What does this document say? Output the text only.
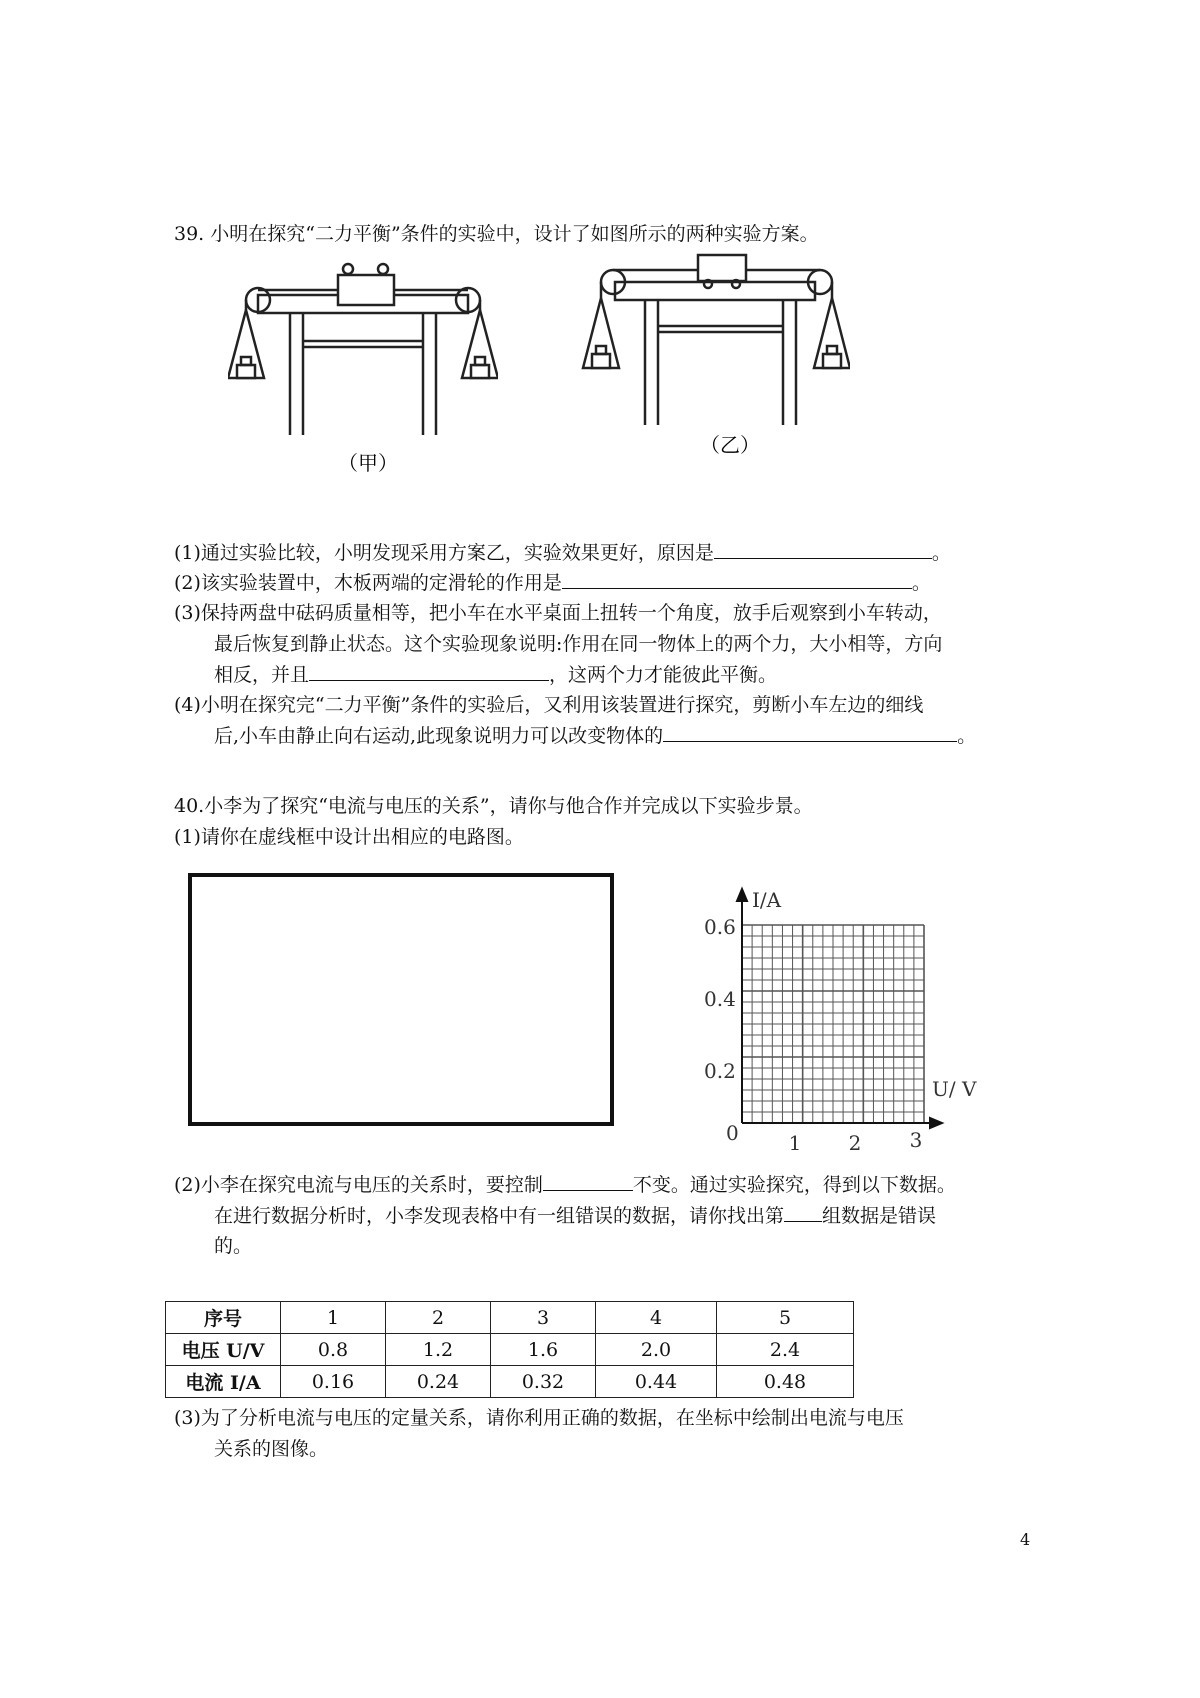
39. 小明在探究“二力平衡”条件的实验中，设计了如图所示的两种实验方案。
（甲）
（乙）
(1)通过实验比较，小明发现采用方案乙，实验效果更好，原因是	。
(2)该实验装置中，木板两端的定滑轮的作用是	。
(3)保持两盘中砝码质量相等，把小车在水平桌面上扭转一个角度，放手后观察到小车转动，
最后恢复到静止状态。这个实验现象说明:作用在同一物体上的两个力，大小相等，方向
相反，并且	，这两个力才能彼此平衡。
(4)小明在探究完“二力平衡”条件的实验后，又利用该装置进行探究，剪断小车左边的细线
后,小车由静止向右运动,此现象说明力可以改变物体的	。
40.小李为了探究“电流与电压的关系”，请你与他合作并完成以下实验步景。
(1)请你在虚线框中设计出相应的电路图。
I/A
U/ V
0.6
0.4
0.2
0 1 2 3
(2)小李在探究电流与电压的关系时，要控制	不变。通过实验探究，得到以下数据。
在进行数据分析时，小李发现表格中有一组错误的数据，请你找出第 组数据是错误
的。
序号	1	2	3	4	5
电压 U/V	0.8	1.2	1.6	2.0	2.4
电流 I/A	0.16	0.24	0.32	0.44	0.48
(3)为了分析电流与电压的定量关系，请你利用正确的数据，在坐标中绘制出电流与电压
关系的图像。
4
